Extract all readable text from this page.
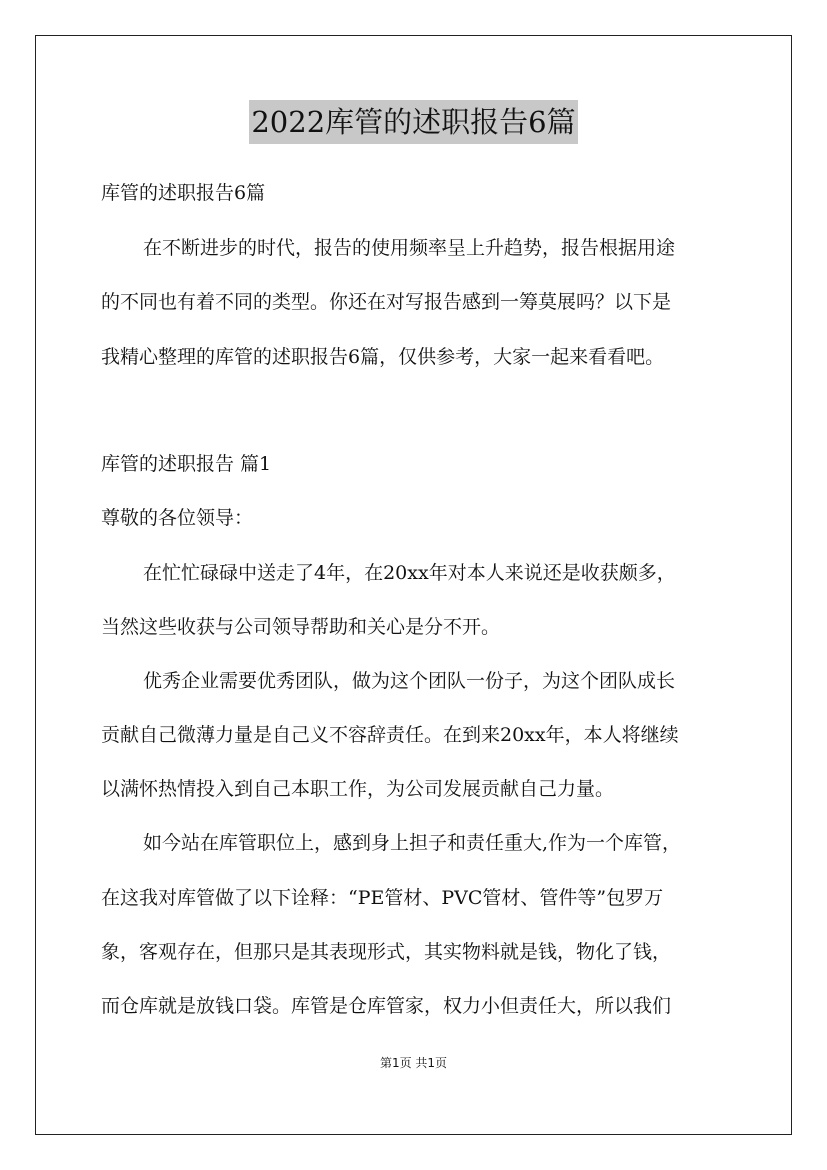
2022库管的述职报告6篇
库管的述职报告6篇
在不断进步的时代，报告的使用频率呈上升趋势，报告根据用途
的不同也有着不同的类型。你还在对写报告感到一筹莫展吗？以下是
我精心整理的库管的述职报告6篇，仅供参考，大家一起来看看吧。
库管的述职报告 篇1
尊敬的各位领导：
在忙忙碌碌中送走了4年，在20xx年对本人来说还是收获颇多，
当然这些收获与公司领导帮助和关心是分不开。
优秀企业需要优秀团队，做为这个团队一份子，为这个团队成长
贡献自己微薄力量是自己义不容辞责任。在到来20xx年，本人将继续
以满怀热情投入到自己本职工作，为公司发展贡献自己力量。
如今站在库管职位上，感到身上担子和责任重大,作为一个库管，
在这我对库管做了以下诠释：“PE管材、PVC管材、管件等”包罗万
象，客观存在，但那只是其表现形式，其实物料就是钱，物化了钱，
而仓库就是放钱口袋。库管是仓库管家，权力小但责任大，所以我们
第1页 共1页
